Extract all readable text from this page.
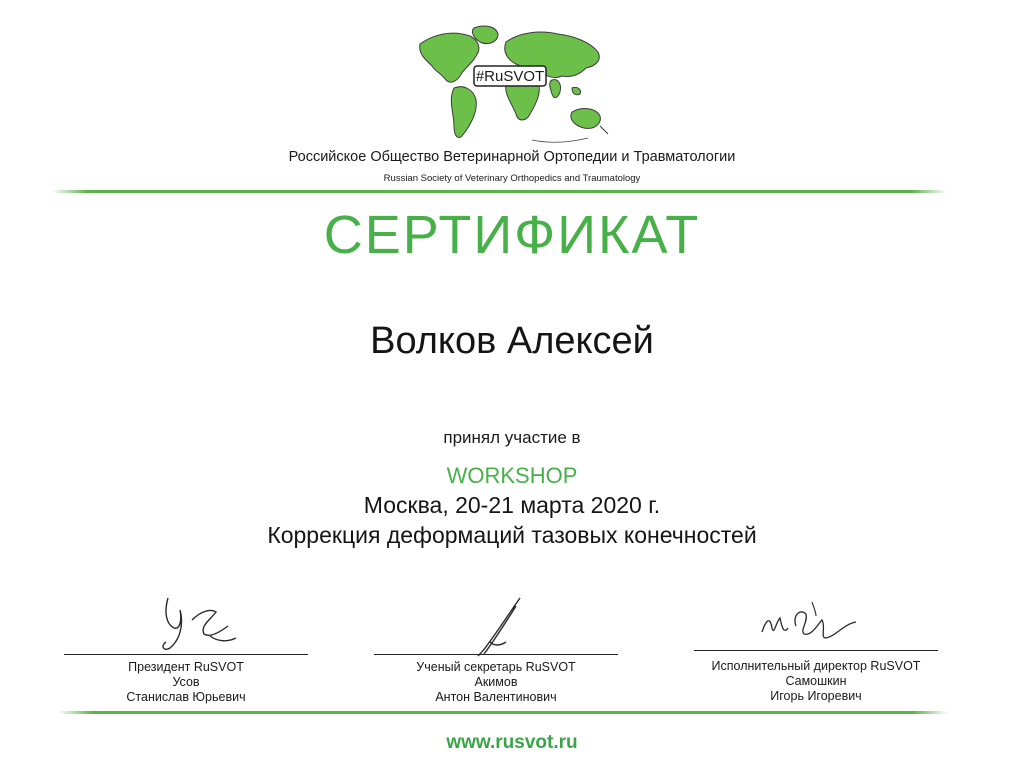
#RuSVOT
Российское Общество Ветеринарной Ортопедии и Травматологии
Russian Society of Veterinary Orthopedics and Traumatology
СЕРТИФИКАТ
Волков Алексей
принял участие в
WORKSHOP
Москва, 20-21 марта 2020 г.
Коррекция деформаций тазовых конечностей
Президент RuSVOT
Усов
Станислав Юрьевич
Ученый секретарь RuSVOT
Акимов
Антон Валентинович
Исполнительный директор RuSVOT
Самошкин
Игорь Игоревич
www.rusvot.ru
